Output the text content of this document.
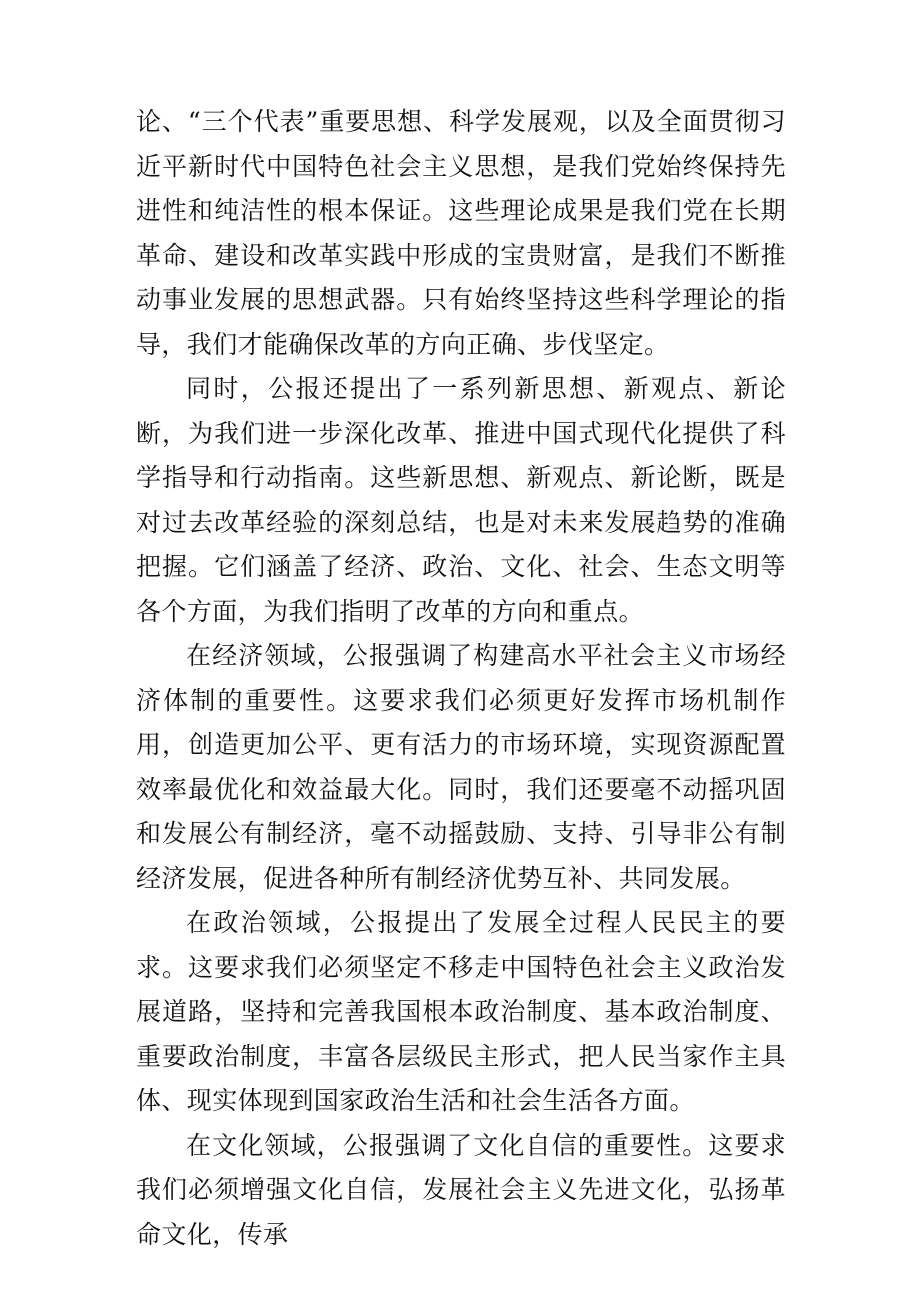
论、“三个代表”重要思想、科学发展观，以及全面贯彻习近平新时代中国特色社会主义思想，是我们党始终保持先进性和纯洁性的根本保证。这些理论成果是我们党在长期革命、建设和改革实践中形成的宝贵财富，是我们不断推动事业发展的思想武器。只有始终坚持这些科学理论的指导，我们才能确保改革的方向正确、步伐坚定。

同时，公报还提出了一系列新思想、新观点、新论断，为我们进一步深化改革、推进中国式现代化提供了科学指导和行动指南。这些新思想、新观点、新论断，既是对过去改革经验的深刻总结，也是对未来发展趋势的准确把握。它们涵盖了经济、政治、文化、社会、生态文明等各个方面，为我们指明了改革的方向和重点。

在经济领域，公报强调了构建高水平社会主义市场经济体制的重要性。这要求我们必须更好发挥市场机制作用，创造更加公平、更有活力的市场环境，实现资源配置效率最优化和效益最大化。同时，我们还要毫不动摇巩固和发展公有制经济，毫不动摇鼓励、支持、引导非公有制经济发展，促进各种所有制经济优势互补、共同发展。

在政治领域，公报提出了发展全过程人民民主的要求。这要求我们必须坚定不移走中国特色社会主义政治发展道路，坚持和完善我国根本政治制度、基本政治制度、重要政治制度，丰富各层级民主形式，把人民当家作主具体、现实体现到国家政治生活和社会生活各方面。

在文化领域，公报强调了文化自信的重要性。这要求我们必须增强文化自信，发展社会主义先进文化，弘扬革命文化，传承
